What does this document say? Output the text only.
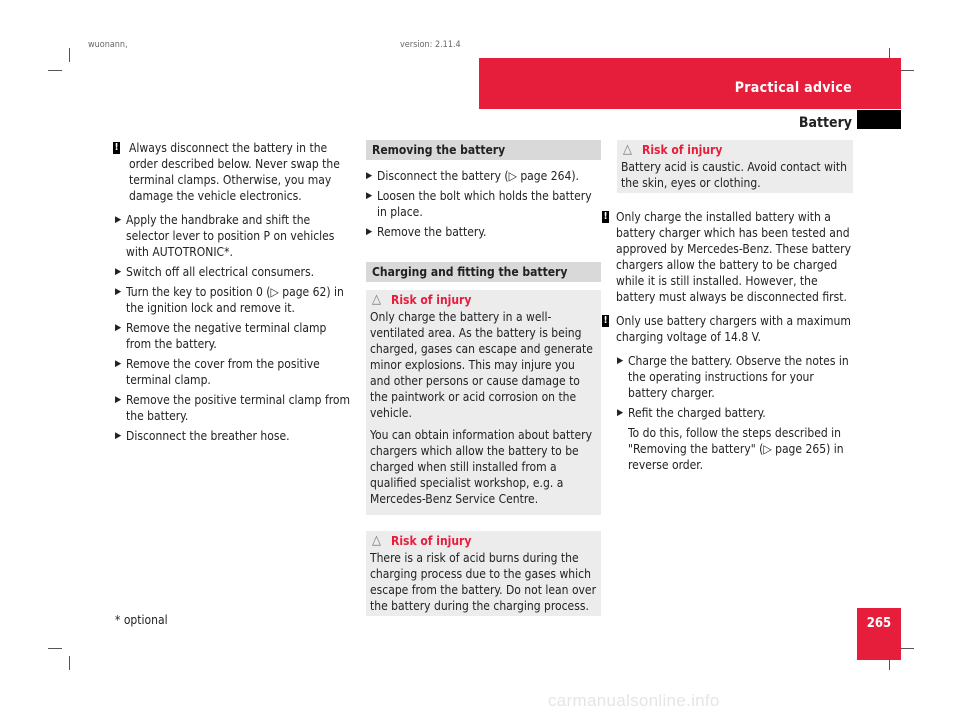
wuonann,	version: 2.11.4
Practical advice
Battery
! Always disconnect the battery in the order described below. Never swap the terminal clamps. Otherwise, you may damage the vehicle electronics.
▶ Apply the handbrake and shift the selector lever to position P on vehicles with AUTOTRONIC*.
▶ Switch off all electrical consumers.
▶ Turn the key to position 0 (▷ page 62) in the ignition lock and remove it.
▶ Remove the negative terminal clamp from the battery.
▶ Remove the cover from the positive terminal clamp.
▶ Remove the positive terminal clamp from the battery.
▶ Disconnect the breather hose.
Removing the battery
▶ Disconnect the battery (▷ page 264).
▶ Loosen the bolt which holds the battery in place.
▶ Remove the battery.
Charging and fitting the battery
△ Risk of injury

Only charge the battery in a well-ventilated area. As the battery is being charged, gases can escape and generate minor explosions. This may injure you and other persons or cause damage to the paintwork or acid corrosion on the vehicle.

You can obtain information about battery chargers which allow the battery to be charged when still installed from a qualified specialist workshop, e.g. a Mercedes-Benz Service Centre.

△ Risk of injury

There is a risk of acid burns during the charging process due to the gases which escape from the battery. Do not lean over the battery during the charging process.

△ Risk of injury

Battery acid is caustic. Avoid contact with the skin, eyes or clothing.

! Only charge the installed battery with a battery charger which has been tested and approved by Mercedes-Benz. These battery chargers allow the battery to be charged while it is still installed. However, the battery must always be disconnected first.
! Only use battery chargers with a maximum charging voltage of 14.8 V.
▶ Charge the battery. Observe the notes in the operating instructions for your battery charger.
▶ Refit the charged battery.
To do this, follow the steps described in "Removing the battery" (▷ page 265) in reverse order.
* optional	265
carmanualsonline.info
